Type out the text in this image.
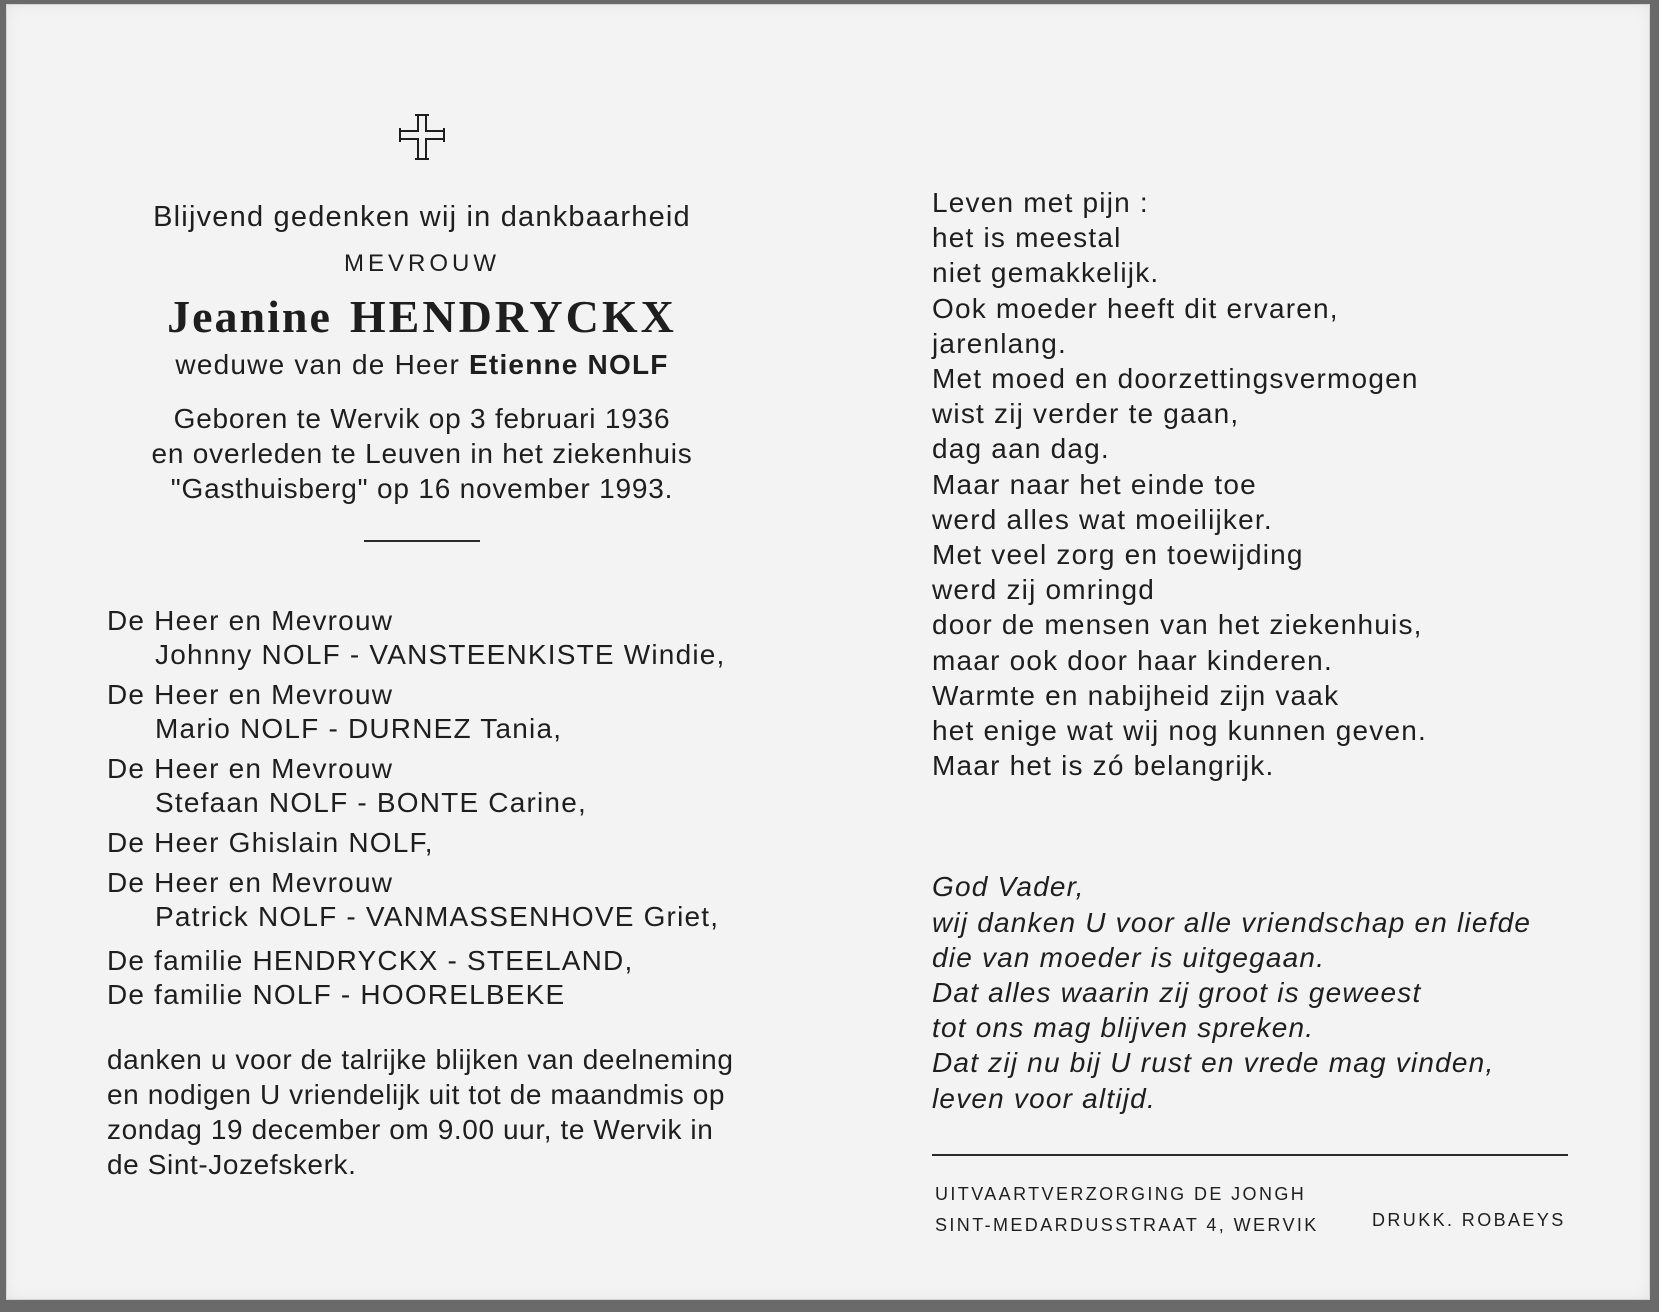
Blijvend gedenken wij in dankbaarheid
MEVROUW
Jeanine HENDRYCKX
weduwe van de Heer Etienne NOLF
Geboren te Wervik op 3 februari 1936
en overleden te Leuven in het ziekenhuis
"Gasthuisberg" op 16 november 1993.
De Heer en Mevrouw
Johnny NOLF - VANSTEENKISTE Windie,
De Heer en Mevrouw
Mario NOLF - DURNEZ Tania,
De Heer en Mevrouw
Stefaan NOLF - BONTE Carine,
De Heer Ghislain NOLF,
De Heer en Mevrouw
Patrick NOLF - VANMASSENHOVE Griet,
De familie HENDRYCKX - STEELAND,
De familie NOLF - HOORELBEKE
danken u voor de talrijke blijken van deelneming
en nodigen U vriendelijk uit tot de maandmis op
zondag 19 december om 9.00 uur, te Wervik in
de Sint-Jozefskerk.
Leven met pijn :
het is meestal
niet gemakkelijk.
Ook moeder heeft dit ervaren,
jarenlang.
Met moed en doorzettingsvermogen
wist zij verder te gaan,
dag aan dag.
Maar naar het einde toe
werd alles wat moeilijker.
Met veel zorg en toewijding
werd zij omringd
door de mensen van het ziekenhuis,
maar ook door haar kinderen.
Warmte en nabijheid zijn vaak
het enige wat wij nog kunnen geven.
Maar het is zó belangrijk.
God Vader,
wij danken U voor alle vriendschap en liefde
die van moeder is uitgegaan.
Dat alles waarin zij groot is geweest
tot ons mag blijven spreken.
Dat zij nu bij U rust en vrede mag vinden,
leven voor altijd.
UITVAARTVERZORGING DE JONGH
SINT-MEDARDUSSTRAAT 4, WERVIK	DRUKK. ROBAEYS
